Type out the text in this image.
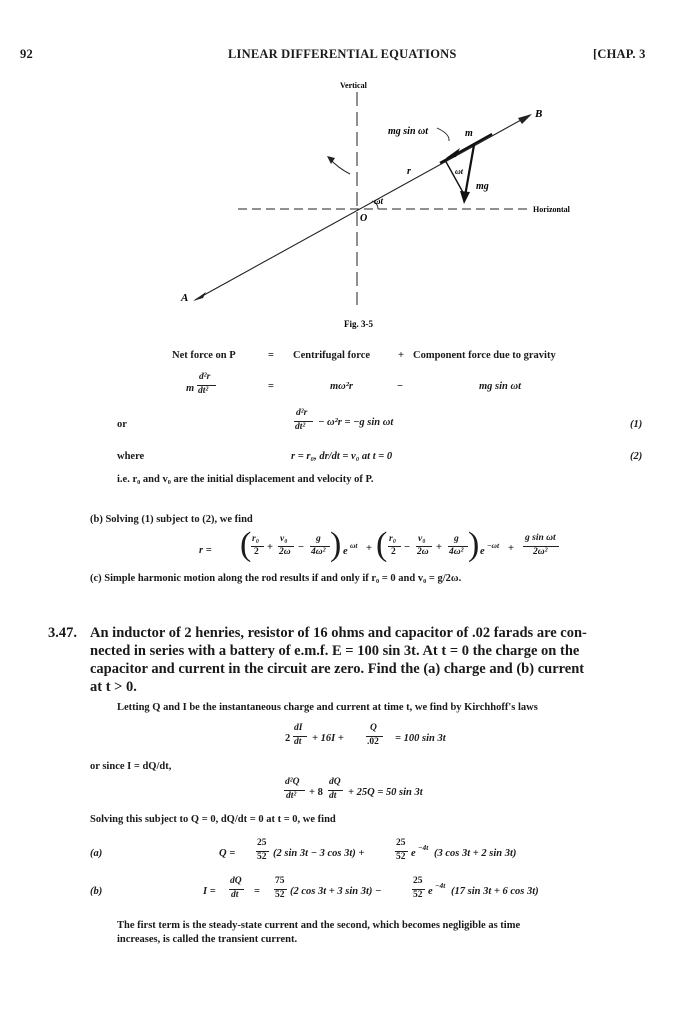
92	LINEAR DIFFERENTIAL EQUATIONS	[CHAP. 3
Vertical
Horizontal
B
A
O
m
r
mg sin ωt
mg
ωt
ωt
Fig. 3-5
Net force on P	= Centrifugal force	+ Component force due to gravity
m
d²r
dt²	=	mω²r	−	mg sin ωt
or
d²r
dt² − ω²r = −g sin ωt	(1)
where	r = r₀, dr/dt = v₀ at t = 0	(2)
i.e. r₀ and v₀ are the initial displacement and velocity of P.
(b) Solving (1) subject to (2), we find
r = ( r₀
2 +
v₀
2ω −
g
4ω² ) e
ωt + ( r₀
2 −
v₀
2ω +
g
4ω² ) e
−ωt +
g sin ωt
2ω²
(c) Simple harmonic motion along the rod results if and only if r₀ = 0 and v₀ = g/2ω.
3.47. An inductor of 2 henries, resistor of 16 ohms and capacitor of .02 farads are con-
nected in series with a battery of e.m.f. E = 100 sin 3t. At t = 0 the charge on the
capacitor and current in the circuit are zero. Find the (a) charge and (b) current
at t > 0.
Letting Q and I be the instantaneous charge and current at time t, we find by Kirchhoff's laws
2
dI
dt + 16I +
Q
.02 = 100 sin 3t
or since I = dQ/dt,
d²Q
dt² + 8
dQ
dt + 25Q = 50 sin 3t
Solving this subject to Q = 0, dQ/dt = 0 at t = 0, we find
(a)	Q =
25
52 (2 sin 3t − 3 cos 3t) +
25
52 e
−4t
(3 cos 3t + 2 sin 3t)
(b)	I =
dQ
dt =
75
52 (2 cos 3t + 3 sin 3t) −
25
52 e
−4t
(17 sin 3t + 6 cos 3t)
The first term is the steady-state current and the second, which becomes negligible as time
increases, is called the transient current.
